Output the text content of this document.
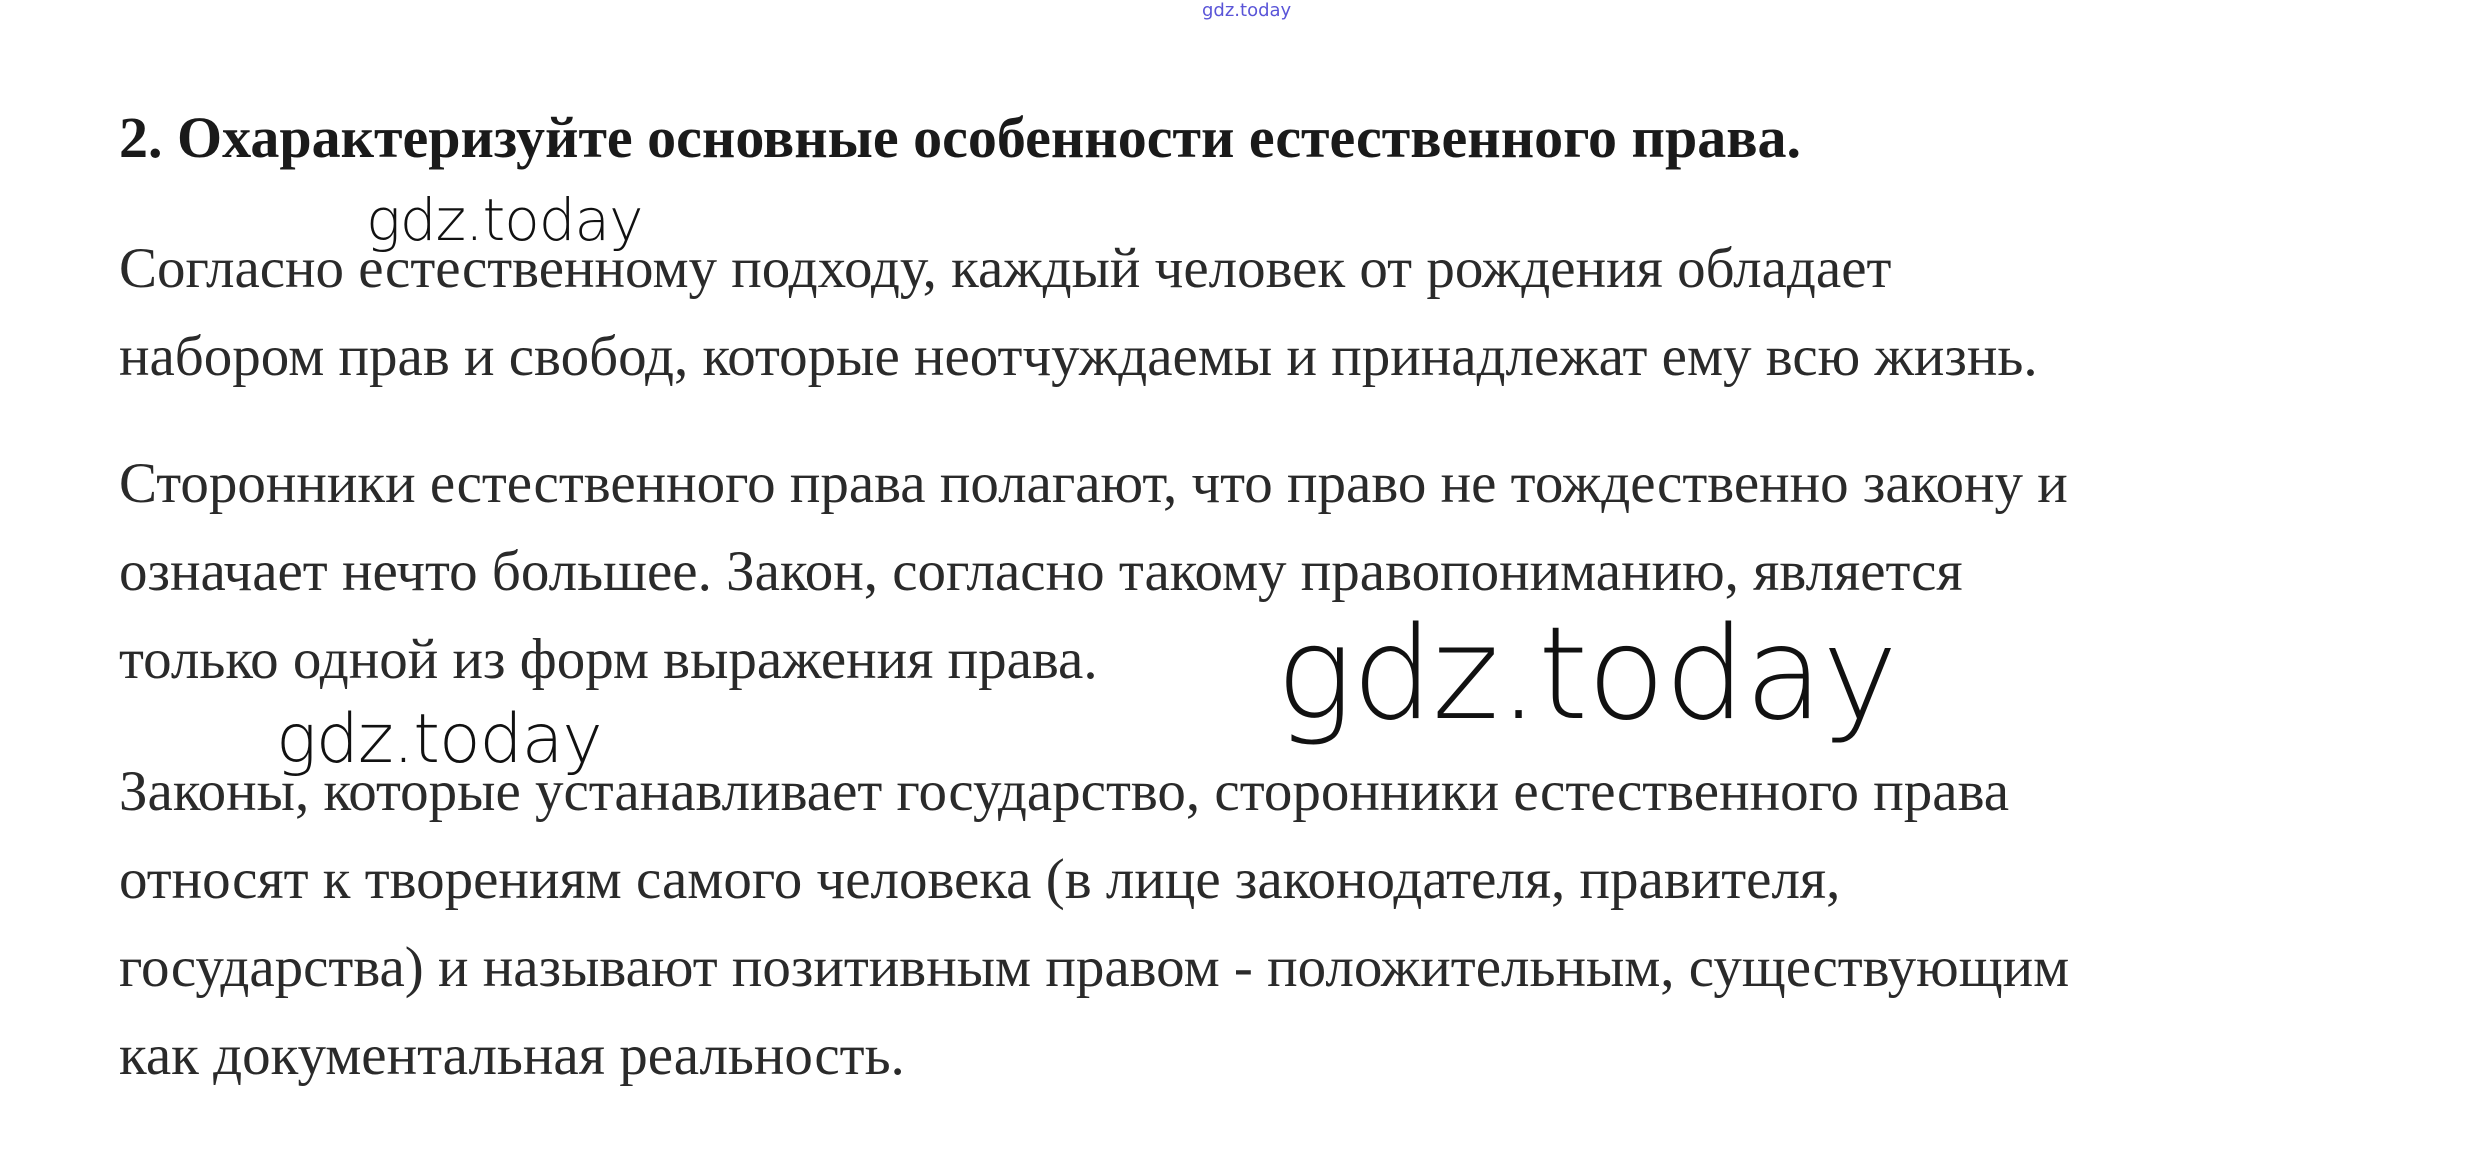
gdz.today
2. Охарактеризуйте основные особенности естественного права.
Согласно естественному подходу, каждый человек от рождения обладает
набором прав и свобод, которые неотчуждаемы и принадлежат ему всю жизнь.
Сторонники естественного права полагают, что право не тождественно закону и
означает нечто большее. Закон, согласно такому правопониманию, является
только одной из форм выражения права.
Законы, которые устанавливает государство, сторонники естественного права
относят к творениям самого человека (в лице законодателя, правителя,
государства) и называют позитивным правом - положительным, существующим
как документальная реальность.
gdz.today
gdz.today	gdz.today
